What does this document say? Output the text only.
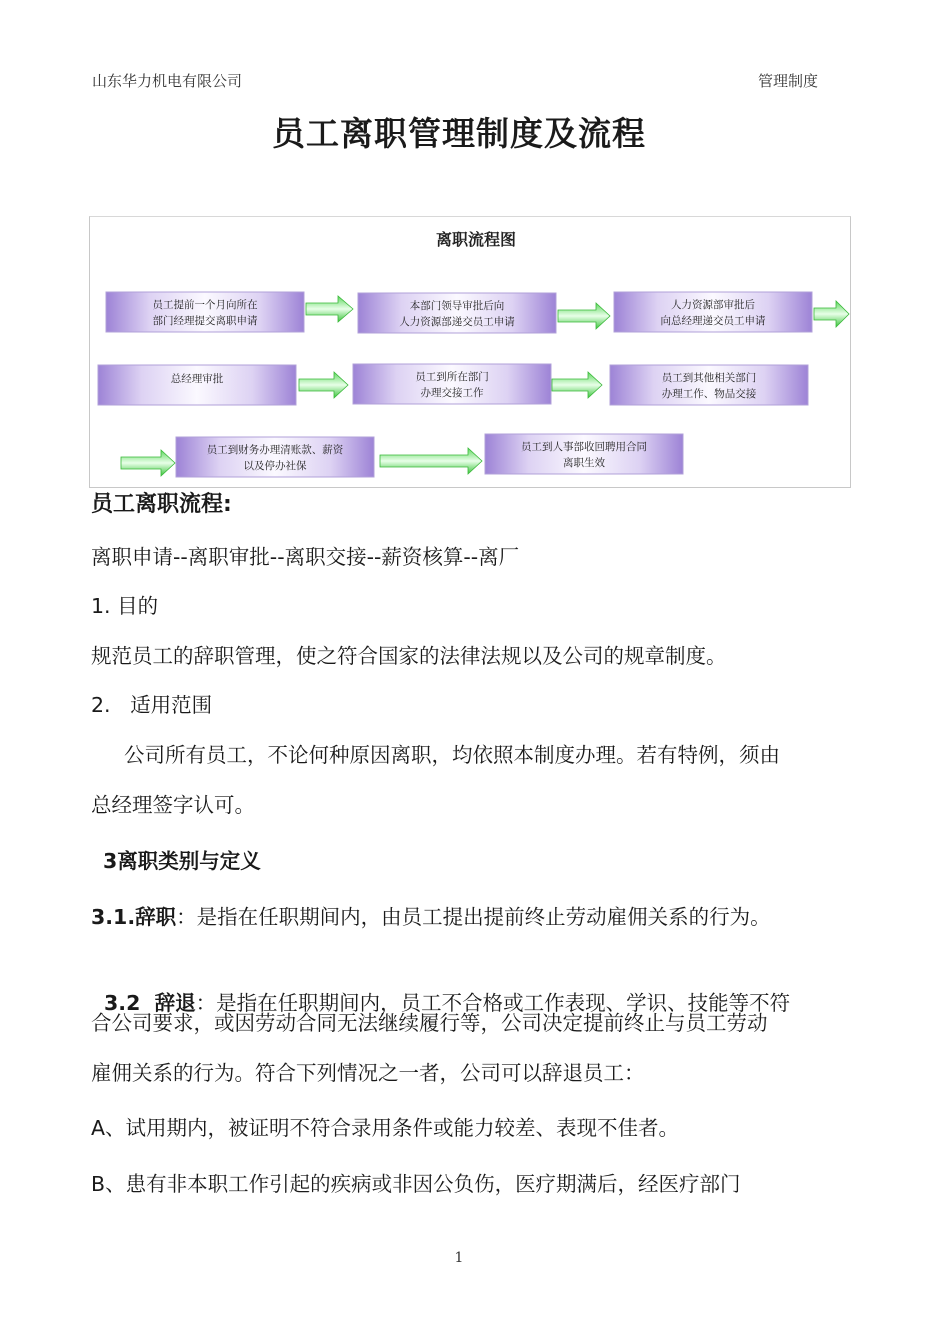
山东华力机电有限公司	管理制度
员工离职管理制度及流程
离职流程图
员工提前一个月向所在
部门经理提交离职申请
本部门领导审批后向
人力资源部递交员工申请
人力资源部审批后
向总经理递交员工申请
总经理审批	员工到所在部门
办理交接工作
员工到其他相关部门
办理工作、物品交接
员工到财务办理清账款、薪资
以及停办社保
员工到人事部收回聘用合同
离职生效
员工离职流程:
离职申请--离职审批--离职交接--薪资核算--离厂
1. 目的
规范员工的辞职管理，使之符合国家的法律法规以及公司的规章制度。
2.   适用范围
公司所有员工，不论何种原因离职，均依照本制度办理。若有特例，须由
总经理签字认可。
3离职类别与定义
3.1.辞职：是指在任职期间内，由员工提出提前终止劳动雇佣关系的行为。

3.2  辞退：是指在任职期间内，员工不合格或工作表现、学识、技能等不符

合公司要求，或因劳动合同无法继续履行等，公司决定提前终止与员工劳动
雇佣关系的行为。符合下列情况之一者，公司可以辞退员工：
A、试用期内，被证明不符合录用条件或能力较差、表现不佳者。
B、患有非本职工作引起的疾病或非因公负伤，医疗期满后，经医疗部门
1
